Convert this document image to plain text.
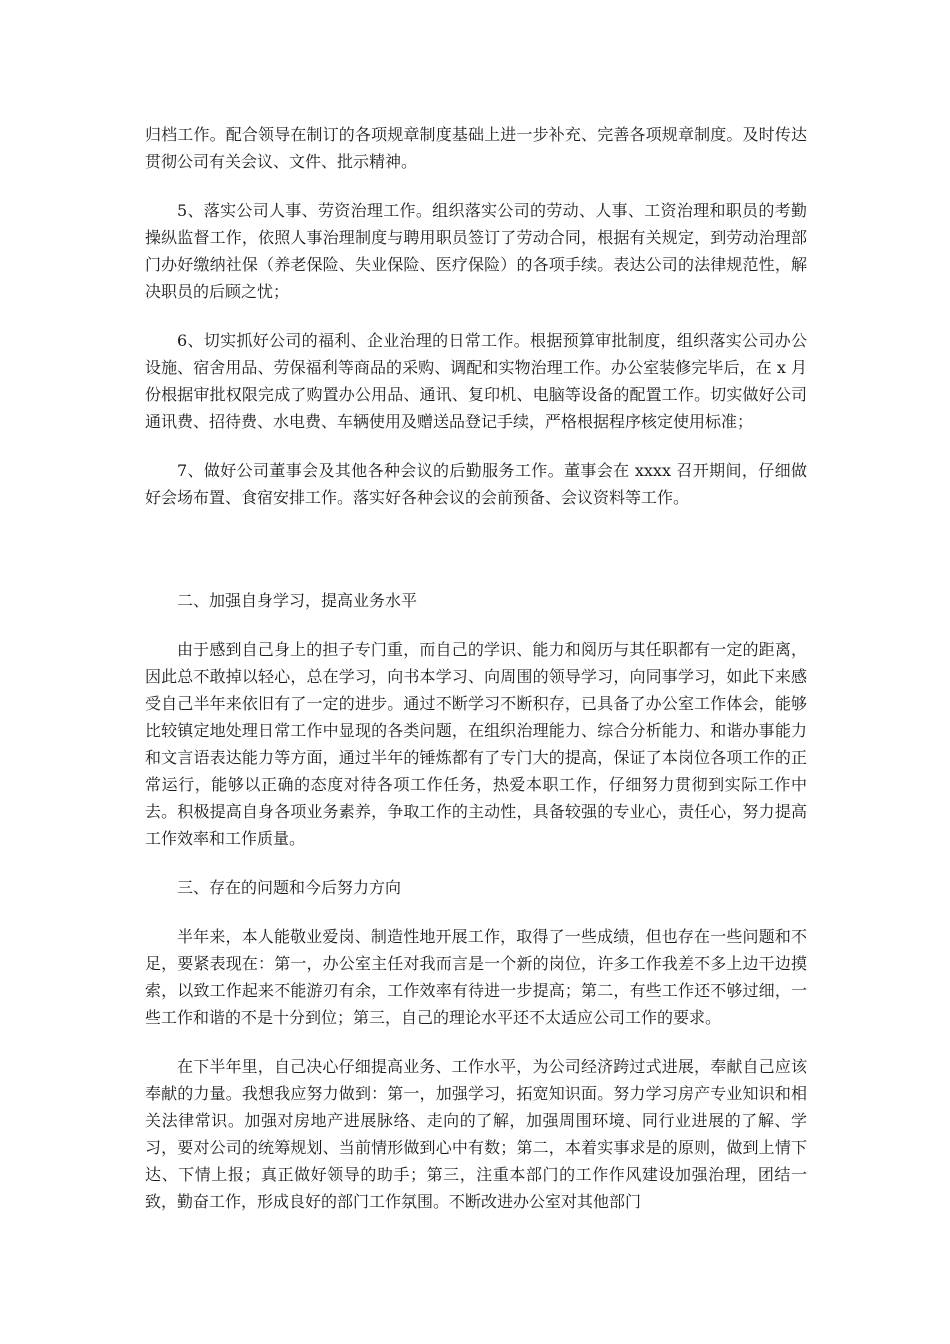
归档工作。配合领导在制订的各项规章制度基础上进一步补充、完善各项规章制度。及时传达贯彻公司有关会议、文件、批示精神。

5、落实公司人事、劳资治理工作。组织落实公司的劳动、人事、工资治理和职员的考勤操纵监督工作，依照人事治理制度与聘用职员签订了劳动合同，根据有关规定，到劳动治理部门办好缴纳社保（养老保险、失业保险、医疗保险）的各项手续。表达公司的法律规范性，解决职员的后顾之忧；

6、切实抓好公司的福利、企业治理的日常工作。根据预算审批制度，组织落实公司办公设施、宿舍用品、劳保福利等商品的采购、调配和实物治理工作。办公室装修完毕后，在 x 月份根据审批权限完成了购置办公用品、通讯、复印机、电脑等设备的配置工作。切实做好公司通讯费、招待费、水电费、车辆使用及赠送品登记手续，严格根据程序核定使用标准；

7、做好公司董事会及其他各种会议的后勤服务工作。董事会在 xxxx 召开期间，仔细做好会场布置、食宿安排工作。落实好各种会议的会前预备、会议资料等工作。

二、加强自身学习，提高业务水平

由于感到自己身上的担子专门重，而自己的学识、能力和阅历与其任职都有一定的距离，因此总不敢掉以轻心，总在学习，向书本学习、向周围的领导学习，向同事学习，如此下来感受自己半年来依旧有了一定的进步。通过不断学习不断积存，已具备了办公室工作体会，能够比较镇定地处理日常工作中显现的各类问题，在组织治理能力、综合分析能力、和谐办事能力和文言语表达能力等方面，通过半年的锤炼都有了专门大的提高，保证了本岗位各项工作的正常运行，能够以正确的态度对待各项工作任务，热爱本职工作，仔细努力贯彻到实际工作中去。积极提高自身各项业务素养，争取工作的主动性，具备较强的专业心，责任心，努力提高工作效率和工作质量。

三、存在的问题和今后努力方向

半年来，本人能敬业爱岗、制造性地开展工作，取得了一些成绩，但也存在一些问题和不足，要紧表现在：第一，办公室主任对我而言是一个新的岗位，许多工作我差不多上边干边摸索，以致工作起来不能游刃有余，工作效率有待进一步提高；第二，有些工作还不够过细，一些工作和谐的不是十分到位；第三，自己的理论水平还不太适应公司工作的要求。

在下半年里，自己决心仔细提高业务、工作水平，为公司经济跨过式进展，奉献自己应该奉献的力量。我想我应努力做到：第一，加强学习，拓宽知识面。努力学习房产专业知识和相关法律常识。加强对房地产进展脉络、走向的了解，加强周围环境、同行业进展的了解、学习，要对公司的统筹规划、当前情形做到心中有数；第二，本着实事求是的原则，做到上情下达、下情上报；真正做好领导的助手；第三，注重本部门的工作作风建设加强治理，团结一致，勤奋工作，形成良好的部门工作氛围。不断改进办公室对其他部门
